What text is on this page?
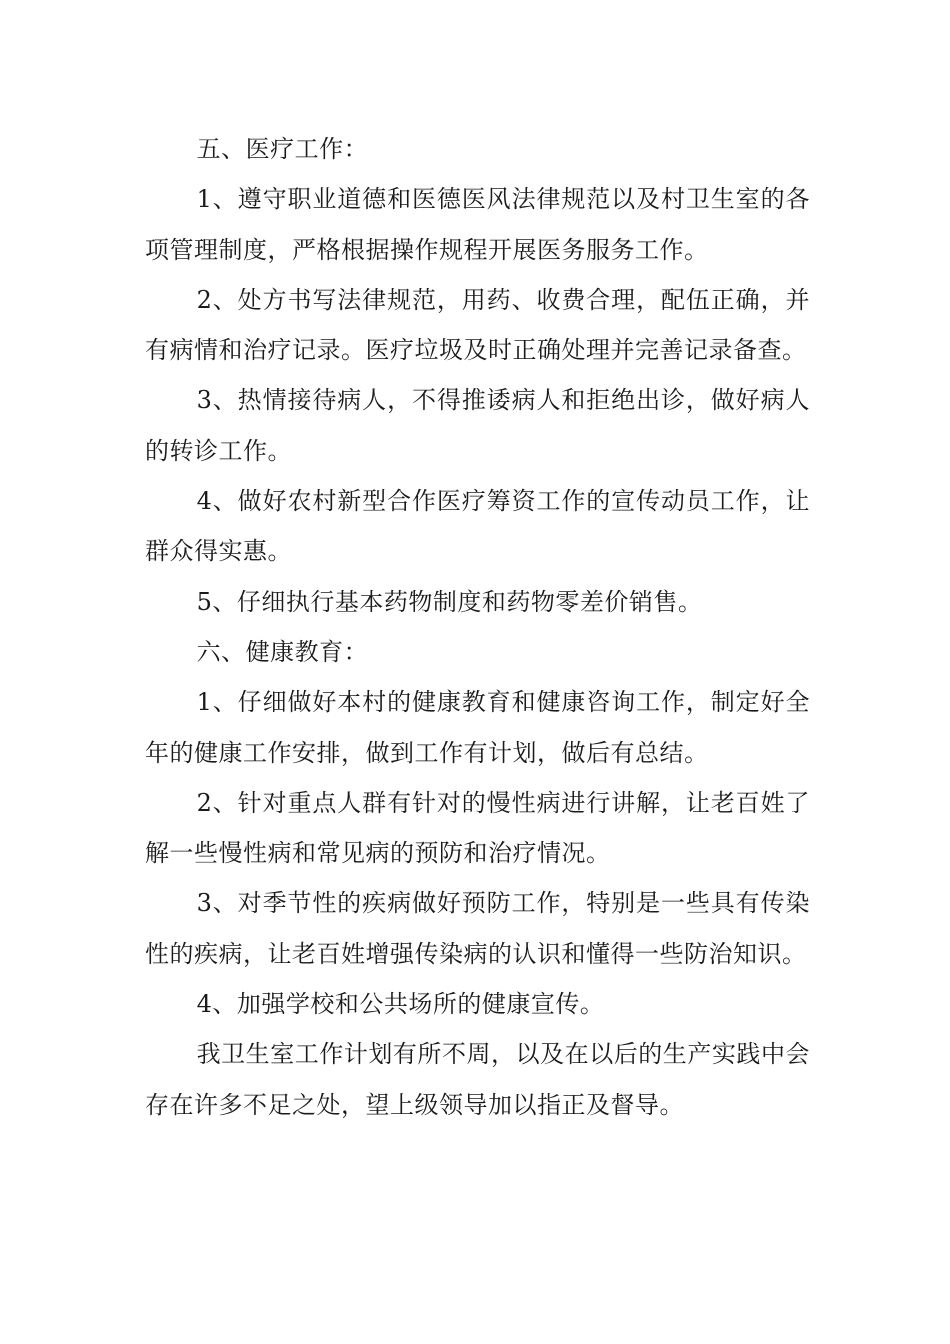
五、医疗工作：

1、遵守职业道德和医德医风法律规范以及村卫生室的各项管理制度，严格根据操作规程开展医务服务工作。

2、处方书写法律规范，用药、收费合理，配伍正确，并有病情和治疗记录。医疗垃圾及时正确处理并完善记录备查。

3、热情接待病人，不得推诿病人和拒绝出诊，做好病人的转诊工作。

4、做好农村新型合作医疗筹资工作的宣传动员工作，让群众得实惠。

5、仔细执行基本药物制度和药物零差价销售。

六、健康教育：

1、仔细做好本村的健康教育和健康咨询工作，制定好全年的健康工作安排，做到工作有计划，做后有总结。

2、针对重点人群有针对的慢性病进行讲解，让老百姓了解一些慢性病和常见病的预防和治疗情况。

3、对季节性的疾病做好预防工作，特别是一些具有传染性的疾病，让老百姓增强传染病的认识和懂得一些防治知识。

4、加强学校和公共场所的健康宣传。

我卫生室工作计划有所不周，以及在以后的生产实践中会存在许多不足之处，望上级领导加以指正及督导。
